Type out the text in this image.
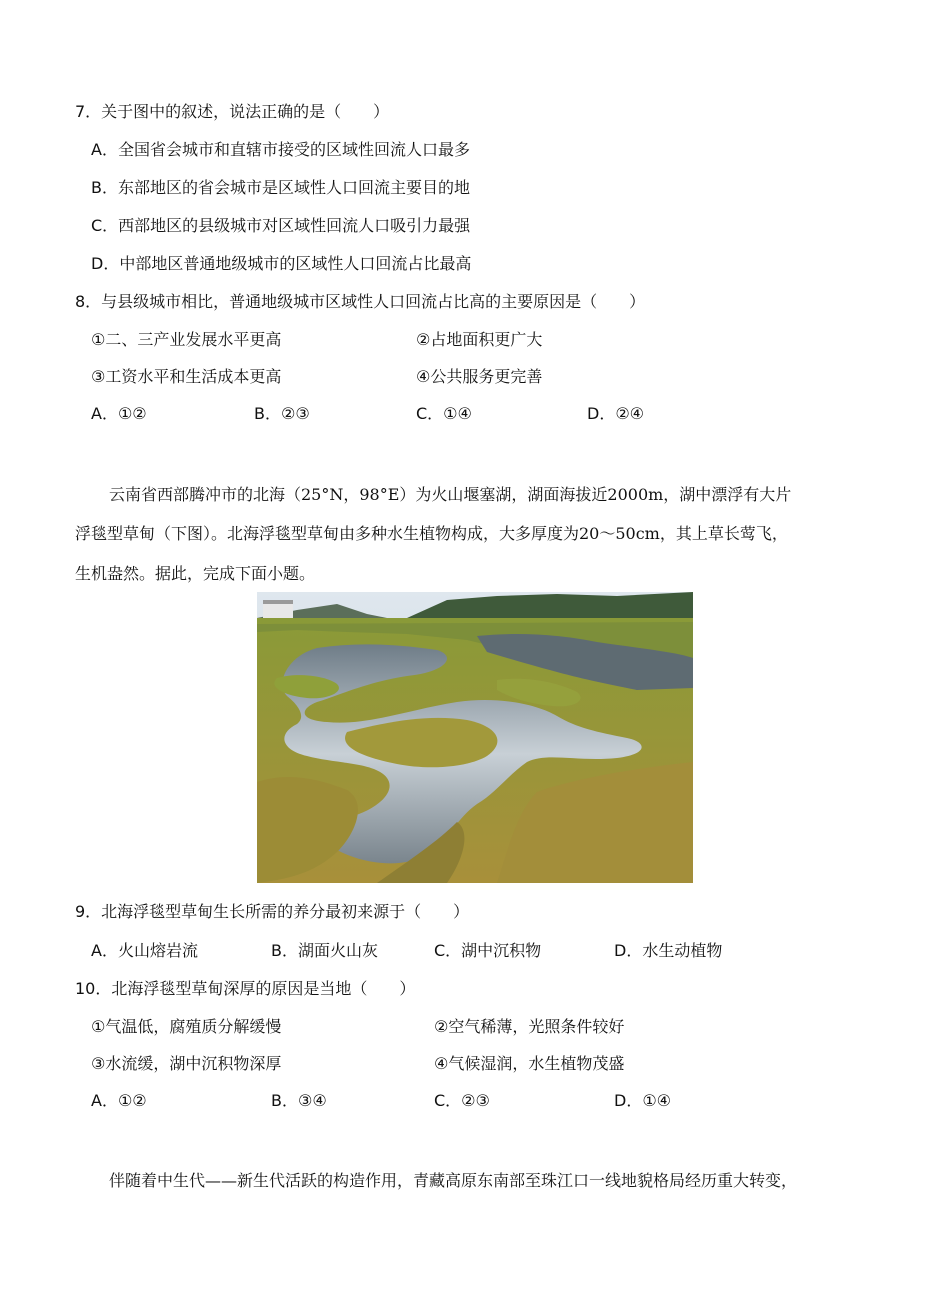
7．关于图中的叙述，说法正确的是（　　）
A．全国省会城市和直辖市接受的区域性回流人口最多
B．东部地区的省会城市是区域性人口回流主要目的地
C．西部地区的县级城市对区域性回流人口吸引力最强
D．中部地区普通地级城市的区域性人口回流占比最高
8．与县级城市相比，普通地级城市区域性人口回流占比高的主要原因是（　　）
①二、三产业发展水平更高	②占地面积更广大
③工资水平和生活成本更高	④公共服务更完善
A．①②	B．②③	C．①④	D．②④
云南省西部腾冲市的北海（25°N，98°E）为火山堰塞湖，湖面海拔近2000m，湖中漂浮有大片
浮毯型草甸（下图）。北海浮毯型草甸由多种水生植物构成，大多厚度为20～50cm，其上草长莺飞，
生机盎然。据此，完成下面小题。
9．北海浮毯型草甸生长所需的养分最初来源于（　　）
A．火山熔岩流	B．湖面火山灰	C．湖中沉积物	D．水生动植物
10．北海浮毯型草甸深厚的原因是当地（　　）
①气温低，腐殖质分解缓慢	②空气稀薄，光照条件较好
③水流缓，湖中沉积物深厚	④气候湿润，水生植物茂盛
A．①②	B．③④	C．②③	D．①④
伴随着中生代——新生代活跃的构造作用，青藏高原东南部至珠江口一线地貌格局经历重大转变，
